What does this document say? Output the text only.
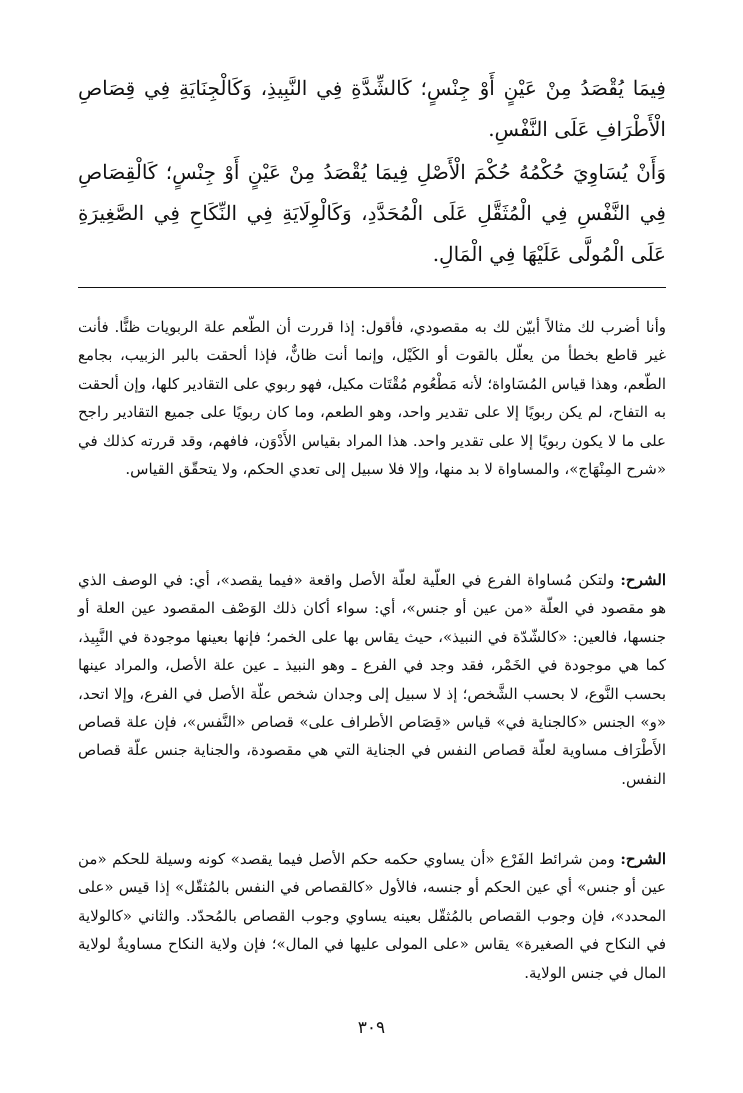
فِيمَا يُقْصَدُ مِنْ عَيْنٍ أَوْ جِنْسٍ؛ كَالشِّدَّةِ فِي النَّبِيذِ، وَكَالْجِنَايَةِ فِي قِصَاصِ الْأَطْرَافِ عَلَى النَّفْسِ.

وَأَنْ يُسَاوِيَ حُكْمُهُ حُكْمَ الْأَصْلِ فِيمَا يُقْصَدُ مِنْ عَيْنٍ أَوْ جِنْسٍ؛ كَالْقِصَاصِ فِي النَّفْسِ فِي الْمُثَقَّلِ عَلَى الْمُحَدَّدِ، وَكَالْوِلَايَةِ فِي النِّكَاحِ فِي الصَّغِيرَةِ عَلَى الْمُولَّى عَلَيْهَا فِي الْمَالِ.

وأنا أضرب لك مثالاً أبيّن لك به مقصودي، فأقول: إذا قررت أن الطّعم علة الربويات ظنًّا. فأنت غير قاطع بخطأ من يعلّل بالقوت أو الكَيْل، وإنما أنت ظانٌّ، فإذا ألحقت بالبر الزبيب، بجامع الطّعم، وهذا قياس المُسَاواة؛ لأنه مَطْعُوم مُقْتَات مكيل، فهو ربوي على التقادير كلها، وإن ألحقت به التفاح، لم يكن ربويًا إلا على تقدير واحد، وهو الطعم، وما كان ربويًا على جميع التقادير راجح على ما لا يكون ربويًا إلا على تقدير واحد. هذا المراد بقياس الأَدْوَن، فافهم، وقد قررته كذلك في «شرح المِنْهَاج»، والمساواة لا بد منها، وإلا فلا سبيل إلى تعدي الحكم، ولا يتحقّق القياس.

الشرح: ولتكن مُساواة الفرع في العلّية لعلّة الأصل واقعة «فيما يقصد»، أي: في الوصف الذي هو مقصود في العلّة «من عين أو جنس»، أي: سواء أكان ذلك الوَصْف المقصود عين العلة أو جنسها، فالعين: «كالشّدّة في النبيذ»، حيث يقاس بها على الخمر؛ فإنها بعينها موجودة في النَّبِيذ، كما هي موجودة في الخَمْر، فقد وجد في الفرع ـ وهو النبيذ ـ عين علة الأصل، والمراد عينها بحسب النَّوع، لا بحسب الشَّخص؛ إذ لا سبيل إلى وجدان شخص علّة الأصل في الفرع، وإلا اتحد، «و» الجنس «كالجناية في» قياس «قِصَاص الأطراف على» قصاص «النَّفس»، فإن علة قصاص الأَطْرَاف مساوية لعلّة قصاص النفس في الجناية التي هي مقصودة، والجناية جنس علّة قصاص النفس.

الشرح: ومن شرائط الفَرْع «أن يساوي حكمه حكم الأصل فيما يقصد» كونه وسيلة للحكم «من عين أو جنس» أي عين الحكم أو جنسه، فالأول «كالقصاص في النفس بالمُثقّل» إذا قيس «على المحدد»، فإن وجوب القصاص بالمُثقّل بعينه يساوي وجوب القصاص بالمُحدّد. والثاني «كالولاية في النكاح في الصغيرة» يقاس «على المولى عليها في المال»؛ فإن ولاية النكاح مساويةٌ لولاية المال في جنس الولاية.

٣٠٩
